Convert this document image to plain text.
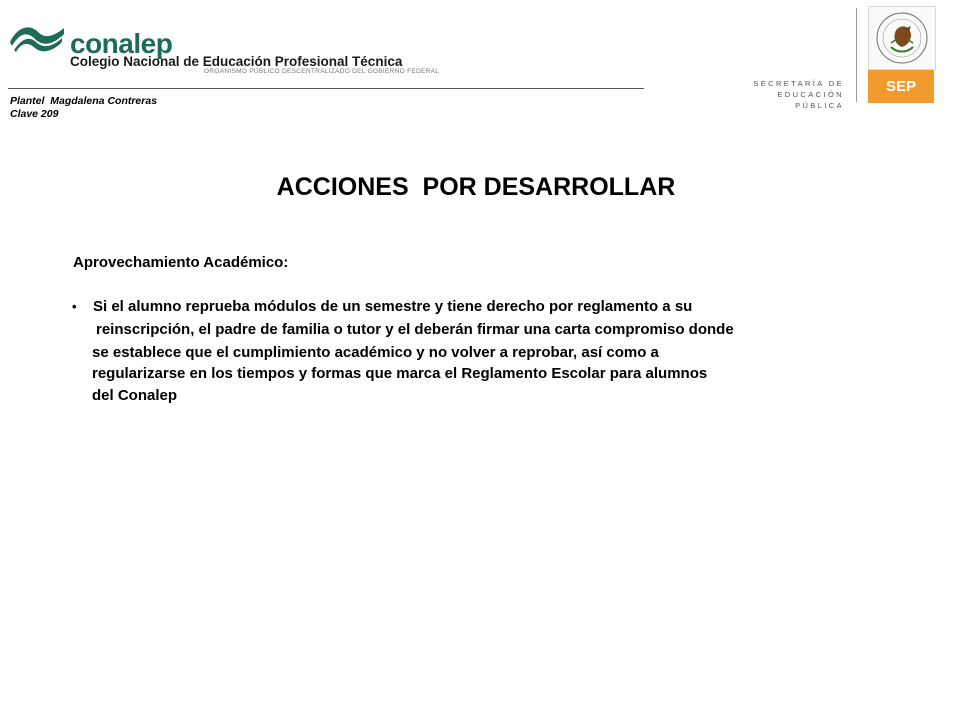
conalep
Colegio Nacional de Educación Profesional Técnica
ORGANISMO PÚBLICO DESCENTRALIZADO DEL GOBIERNO FEDERAL
Plantel  Magdalena Contreras
Clave 209
SECRETARÍA DE
EDUCACIÓN PÚBLICA
SEP
ACCIONES  POR DESARROLLAR
Aprovechamiento Académico:
• Si el alumno reprueba módulos de un semestre y tiene derecho por reglamento a su
reinscripción, el padre de familia o tutor y el deberán firmar una carta compromiso donde
se establece que el cumplimiento académico y no volver a reprobar, así como a
regularizarse en los tiempos y formas que marca el Reglamento Escolar para alumnos
del Conalep
